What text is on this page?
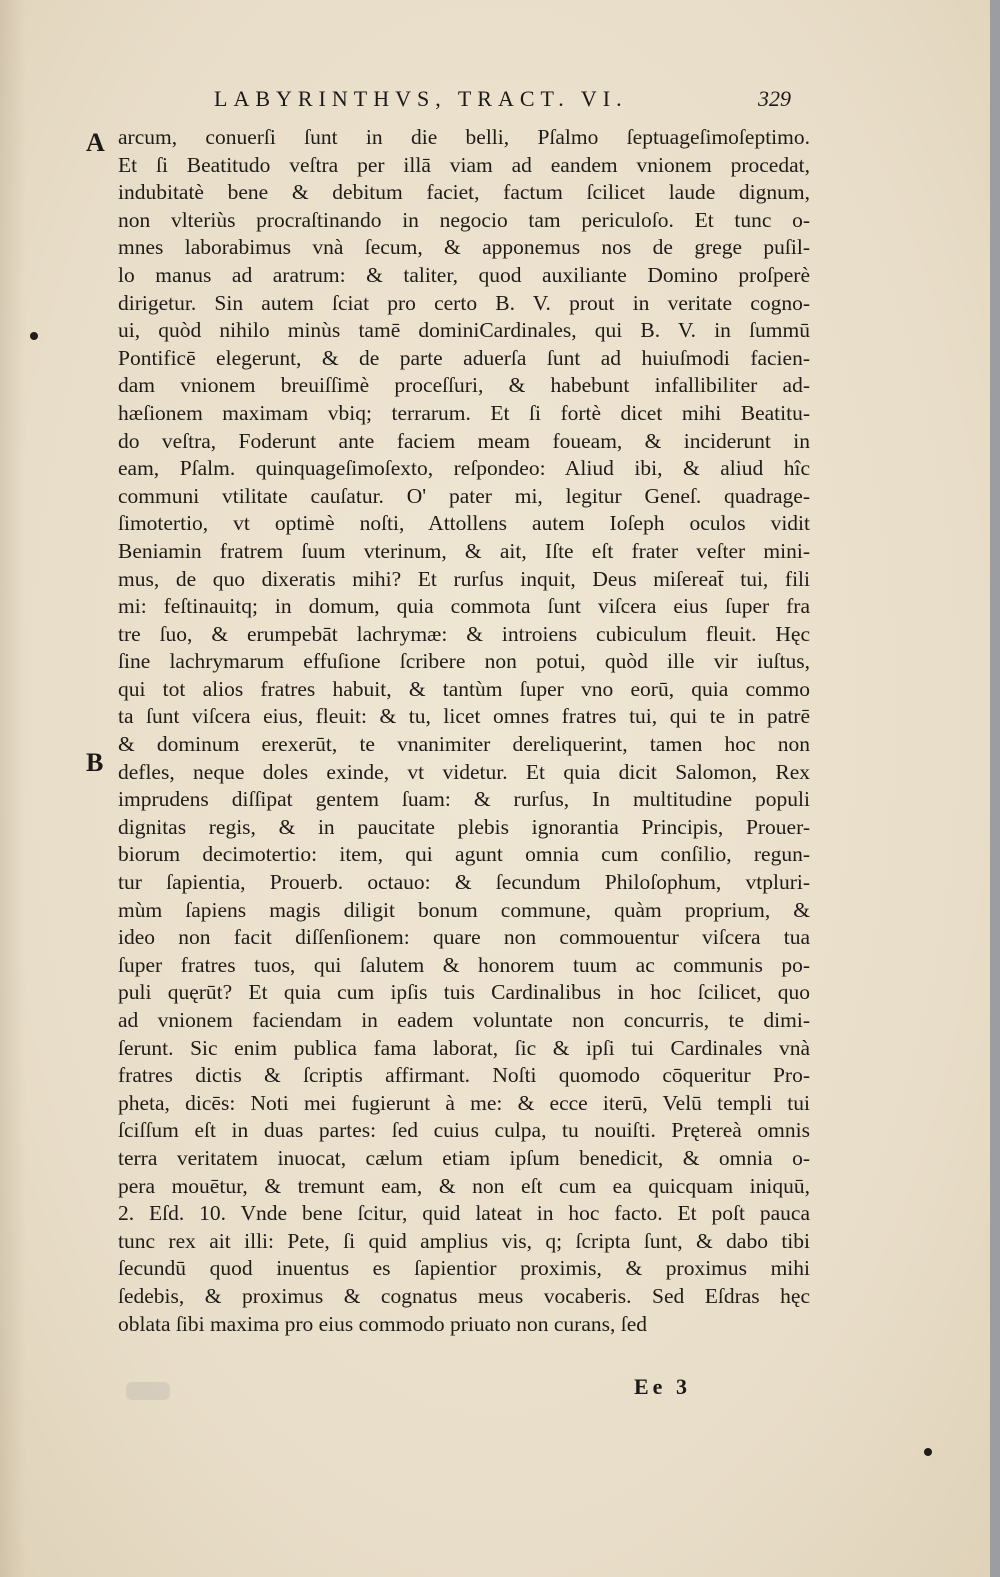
LABYRINTHVS, TRACT. VI.	329
A
B
arcum, conuerſi ſunt in die belli, Pſalmo ſeptuageſimoſeptimo.
Et ſi Beatitudo veſtra per illā viam ad eandem vnionem procedat,
indubitatè bene & debitum faciet, factum ſcilicet laude dignum,
non vlteriùs procraſtinando in negocio tam periculoſo. Et tunc o-
mnes laborabimus vnà ſecum, & apponemus nos de grege puſil-
lo manus ad aratrum: & taliter, quod auxiliante Domino proſperè
dirigetur. Sin autem ſciat pro certo B. V. prout in veritate cogno-
ui, quòd nihilo minùs tamē dominiCardinales, qui B. V. in ſummū
Pontificē elegerunt, & de parte aduerſa ſunt ad huiuſmodi facien-
dam vnionem breuiſſimè proceſſuri, & habebunt infallibiliter ad-
hæſionem maximam vbiq; terrarum. Et ſi fortè dicet mihi Beatitu-
do veſtra, Foderunt ante faciem meam foueam, & inciderunt in
eam, Pſalm. quinquageſimoſexto, reſpondeo: Aliud ibi, & aliud hîc
communi vtilitate cauſatur. O' pater mi, legitur Geneſ. quadrage-
ſimotertio, vt optimè noſti, Attollens autem Ioſeph oculos vidit
Beniamin fratrem ſuum vterinum, & ait, Iſte eſt frater veſter mini-
mus, de quo dixeratis mihi? Et rurſus inquit, Deus miſereat̄ tui, fili
mi: feſtinauitq; in domum, quia commota ſunt viſcera eius ſuper fra
tre ſuo, & erumpebāt lachrymæ: & introiens cubiculum fleuit. Hęc
ſine lachrymarum effuſione ſcribere non potui, quòd ille vir iuſtus,
qui tot alios fratres habuit, & tantùm ſuper vno eorū, quia commo
ta ſunt viſcera eius, fleuit: & tu, licet omnes fratres tui, qui te in patrē
& dominum erexerūt, te vnanimiter dereliquerint, tamen hoc non
defles, neque doles exinde, vt videtur. Et quia dicit Salomon, Rex
imprudens diſſipat gentem ſuam: & rurſus, In multitudine populi
dignitas regis, & in paucitate plebis ignorantia Principis, Prouer-
biorum decimotertio: item, qui agunt omnia cum conſilio, regun-
tur ſapientia, Prouerb. octauo: & ſecundum Philoſophum, vtpluri-
mùm ſapiens magis diligit bonum commune, quàm proprium, &
ideo non facit diſſenſionem: quare non commouentur viſcera tua
ſuper fratres tuos, qui ſalutem & honorem tuum ac communis po-
puli quęrūt? Et quia cum ipſis tuis Cardinalibus in hoc ſcilicet, quo
ad vnionem faciendam in eadem voluntate non concurris, te dimi-
ſerunt. Sic enim publica fama laborat, ſic & ipſi tui Cardinales vnà
fratres dictis & ſcriptis affirmant. Noſti quomodo cōqueritur Pro-
pheta, dicēs: Noti mei fugierunt à me: & ecce iterū, Velū templi tui
ſciſſum eſt in duas partes: ſed cuius culpa, tu nouiſti. Prętereà omnis
terra veritatem inuocat, cælum etiam ipſum benedicit, & omnia o-
pera mouētur, & tremunt eam, & non eſt cum ea quicquam iniquū,
2. Eſd. 10. Vnde bene ſcitur, quid lateat in hoc facto. Et poſt pauca
tunc rex ait illi: Pete, ſi quid amplius vis, q; ſcripta ſunt, & dabo tibi
ſecundū quod inuentus es ſapientior proximis, & proximus mihi
ſedebis, & proximus & cognatus meus vocaberis. Sed Eſdras hęc
oblata ſibi maxima pro eius commodo priuato non curans, ſed
Ee 3
